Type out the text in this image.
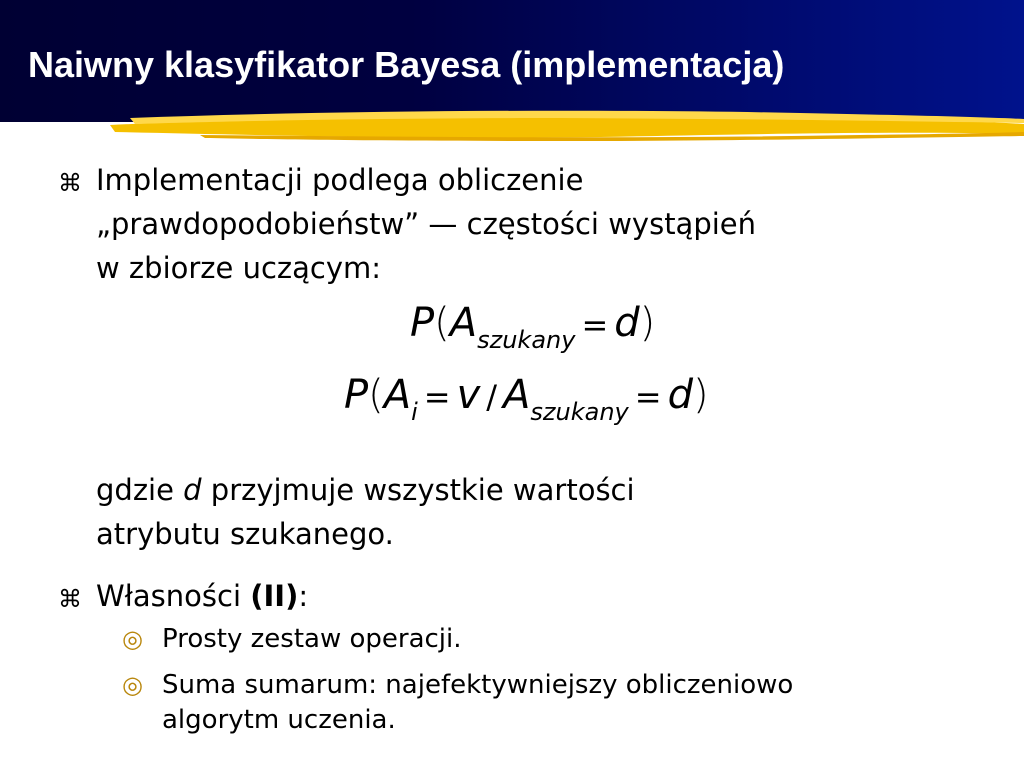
Naiwny klasyfikator Bayesa (implementacja)
⌘ Implementacji podlega obliczenie
„prawdopodobieństw” — częstości wystąpień
w zbiorze uczącym:
$P(A_{szukany} = d)$
$P(A_i = v / A_{szukany} = d)$
gdzie d przyjmuje wszystkie wartości
atrybutu szukanego.
⌘ Własności (II):
◎ Prosty zestaw operacji.
◎ Suma sumarum: najefektywniejszy obliczeniowo
algorytm uczenia.
